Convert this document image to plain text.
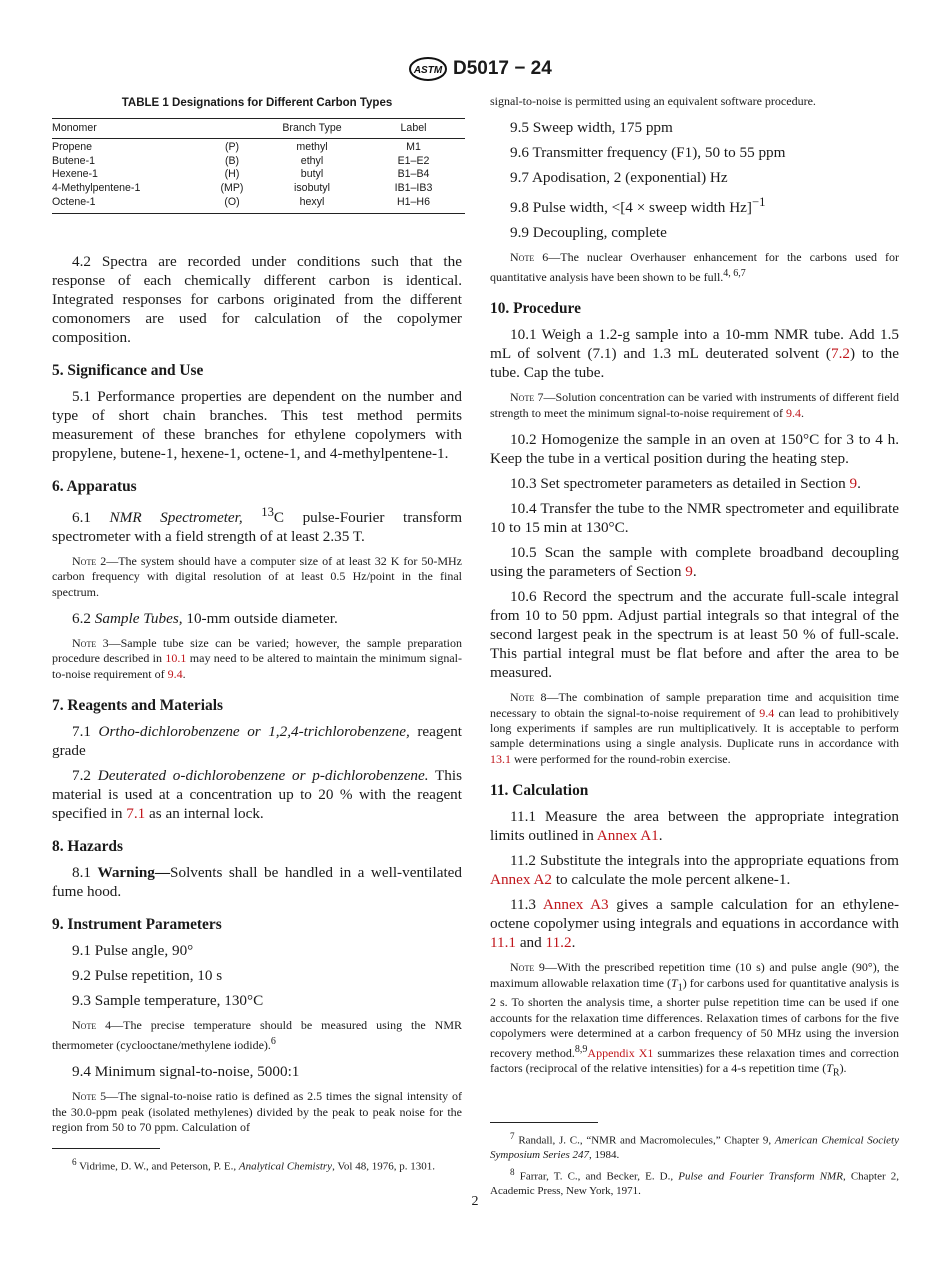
ASTM D5017 − 24
TABLE 1 Designations for Different Carbon Types
Monomer		Branch Type	Label
Propene	(P)	methyl	M1
Butene-1	(B)	ethyl	E1–E2
Hexene-1	(H)	butyl	B1–B4
4-Methylpentene-1	(MP)	isobutyl	IB1–IB3
Octene-1	(O)	hexyl	H1–H6

4.2 Spectra are recorded under conditions such that the response of each chemically different carbon is identical. Integrated responses for carbons originated from the different comonomers are used for calculation of the copolymer composition.

5. Significance and Use

5.1 Performance properties are dependent on the number and type of short chain branches. This test method permits measurement of these branches for ethylene copolymers with propylene, butene-1, hexene-1, octene-1, and 4-methylpentene-1.

6. Apparatus

6.1 NMR Spectrometer, $^{13}$C pulse-Fourier transform spectrometer with a field strength of at least 2.35 T.

Note 2—The system should have a computer size of at least 32 K for 50-MHz carbon frequency with digital resolution of at least 0.5 Hz/point in the final spectrum.

6.2 Sample Tubes, 10-mm outside diameter.

Note 3—Sample tube size can be varied; however, the sample preparation procedure described in 10.1 may need to be altered to maintain the minimum signal-to-noise requirement of 9.4.

7. Reagents and Materials

7.1 Ortho-dichlorobenzene or 1,2,4-trichlorobenzene, reagent grade

7.2 Deuterated o-dichlorobenzene or p-dichlorobenzene. This material is used at a concentration up to 20 % with the reagent specified in 7.1 as an internal lock.

8. Hazards

8.1 Warning—Solvents shall be handled in a well-ventilated fume hood.

9. Instrument Parameters

9.1 Pulse angle, 90°

9.2 Pulse repetition, 10 s

9.3 Sample temperature, 130°C

Note 4—The precise temperature should be measured using the NMR thermometer (cyclooctane/methylene iodide).$^6$

9.4 Minimum signal-to-noise, 5000:1

Note 5—The signal-to-noise ratio is defined as 2.5 times the signal intensity of the 30.0-ppm peak (isolated methylenes) divided by the peak to peak noise for the region from 50 to 70 ppm. Calculation of

$^6$ Vidrime, D. W., and Peterson, P. E., Analytical Chemistry, Vol 48, 1976, p. 1301.

signal-to-noise is permitted using an equivalent software procedure.

9.5 Sweep width, 175 ppm

9.6 Transmitter frequency (F1), 50 to 55 ppm

9.7 Apodisation, 2 (exponential) Hz

9.8 Pulse width, <[4 × sweep width Hz]$^{-1}$

9.9 Decoupling, complete

Note 6—The nuclear Overhauser enhancement for the carbons used for quantitative analysis have been shown to be full.$^{4, 6,7}$

10. Procedure

10.1 Weigh a 1.2-g sample into a 10-mm NMR tube. Add 1.5 mL of solvent (7.1) and 1.3 mL deuterated solvent (7.2) to the tube. Cap the tube.

Note 7—Solution concentration can be varied with instruments of different field strength to meet the minimum signal-to-noise requirement of 9.4.

10.2 Homogenize the sample in an oven at 150°C for 3 to 4 h. Keep the tube in a vertical position during the heating step.

10.3 Set spectrometer parameters as detailed in Section 9.

10.4 Transfer the tube to the NMR spectrometer and equilibrate 10 to 15 min at 130°C.

10.5 Scan the sample with complete broadband decoupling using the parameters of Section 9.

10.6 Record the spectrum and the accurate full-scale integral from 10 to 50 ppm. Adjust partial integrals so that integral of the second largest peak in the spectrum is at least 50 % of full-scale. This partial integral must be flat before and after the area to be measured.

Note 8—The combination of sample preparation time and acquisition time necessary to obtain the signal-to-noise requirement of 9.4 can lead to prohibitively long experiments if samples are run multiplicatively. It is acceptable to perform sample determinations using a single analysis. Duplicate runs in accordance with 13.1 were performed for the round-robin exercise.

11. Calculation

11.1 Measure the area between the appropriate integration limits outlined in Annex A1.

11.2 Substitute the integrals into the appropriate equations from Annex A2 to calculate the mole percent alkene-1.

11.3 Annex A3 gives a sample calculation for an ethylene-octene copolymer using integrals and equations in accordance with 11.1 and 11.2.

Note 9—With the prescribed repetition time (10 s) and pulse angle (90°), the maximum allowable relaxation time $(T_1)$ for carbons used for quantitative analysis is 2 s. To shorten the analysis time, a shorter pulse repetition time can be used if one accounts for the relaxation time differences. Relaxation times of carbons for the five copolymers were determined at a carbon frequency of 50 MHz using the inversion recovery method.$^{8,9}$Appendix X1 summarizes these relaxation times and correction factors (reciprocal of the relative intensities) for a 4-s repetition time $(T_R)$.

$^7$ Randall, J. C., “NMR and Macromolecules,” Chapter 9, American Chemical Society Symposium Series 247, 1984.

$^8$ Farrar, T. C., and Becker, E. D., Pulse and Fourier Transform NMR, Chapter 2, Academic Press, New York, 1971.

2
